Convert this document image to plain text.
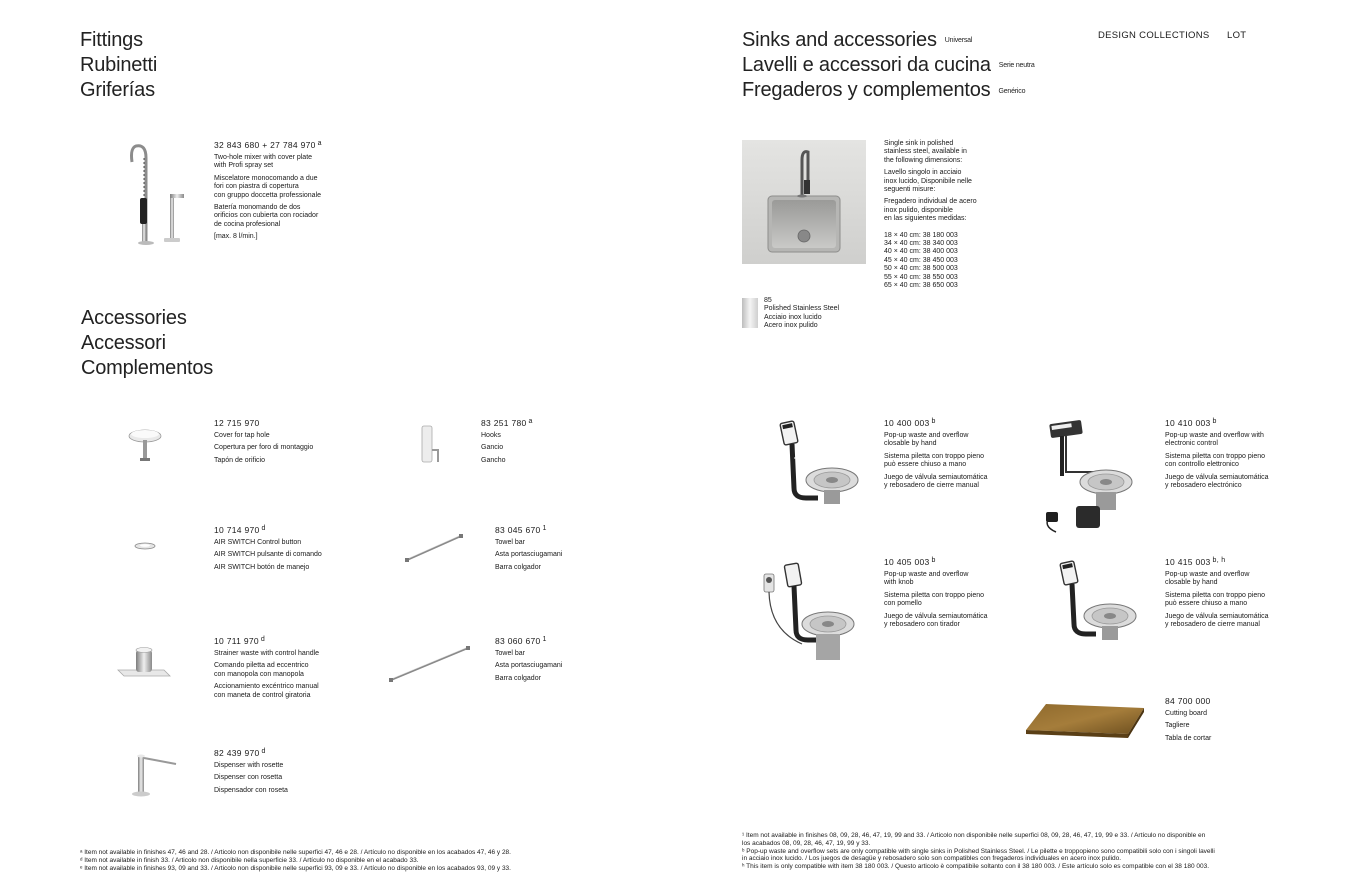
DESIGN COLLECTIONS LOT
Fittings
Rubinetti
Griferías
32 843 680 + 27 784 970 $^a$
Two-hole mixer with cover plate
with Profi spray set
Miscelatore monocomando a due
fori con piastra di copertura
con gruppo doccetta professionale
Batería monomando de dos
orificios con cubierta con rociador
de cocina profesional
[max. 8 l/min.]
Accessories
Accessori
Complementos
12 715 970
Cover for tap hole
Copertura per foro di montaggio
Tapón de orificio
83 251 780 $^a$
Hooks
Gancio
Gancho
10 714 970 $^d$
AIR SWITCH Control button
AIR SWITCH pulsante di comando
AIR SWITCH botón de manejo
83 045 670 $^1$
Towel bar
Asta portasciugamani
Barra colgador
10 711 970 $^d$
Strainer waste with control handle
Comando piletta ad eccentrico
con manopola con manopola
Accionamiento excéntrico manual
con maneta de control giratoria
83 060 670 $^1$
Towel bar
Asta portasciugamani
Barra colgador
82 439 970 $^d$
Dispenser with rosette
Dispenser con rosetta
Dispensador con roseta
ᵃ Item not available in finishes 47, 46 and 28. / Articolo non disponibile nelle superfici 47, 46 e 28. / Artículo no disponible en los acabados 47, 46 y 28.
ᵈ Item not available in finish 33. / Articolo non disponibile nella superficie 33. / Artículo no disponible en el acabado 33.
ᵉ Item not available in finishes 93, 09 and 33. / Articolo non disponibile nelle superfici 93, 09 e 33. / Artículo no disponible en los acabados 93, 09 y 33.
Sinks and accessories Universal
Lavelli e accessori da cucina Serie neutra
Fregaderos y complementos Genérico
Single sink in polished
stainless steel, available in
the following dimensions:
Lavello singolo in acciaio
inox lucido, Disponibile nelle
seguenti misure:
Fregadero individual de acero
inox pulido, disponible
en las siguientes medidas:
18 × 40 cm: 38 180 003
34 × 40 cm: 38 340 003
40 × 40 cm: 38 400 003
45 × 40 cm: 38 450 003
50 × 40 cm: 38 500 003
55 × 40 cm: 38 550 003
65 × 40 cm: 38 650 003
85
Polished Stainless Steel
Acciaio inox lucido
Acero inox pulido
10 400 003 $^b$
Pop-up waste and overflow
closable by hand
Sistema piletta con troppo pieno
può essere chiuso a mano
Juego de válvula semiautomática
y rebosadero de cierre manual
10 410 003 $^b$
Pop-up waste and overflow with
electronic control
Sistema piletta con troppo pieno
con controllo elettronico
Juego de válvula semiautomática
y rebosadero electrónico
10 405 003 $^b$
Pop-up waste and overflow
with knob
Sistema piletta con troppo pieno
con pomello
Juego de válvula semiautomática
y rebosadero con tirador
10 415 003 $^{b, h}$
Pop-up waste and overflow
closable by hand
Sistema piletta con troppo pieno
può essere chiuso a mano
Juego de válvula semiautomática
y rebosadero de cierre manual
84 700 000
Cutting board
Tagliere
Tabla de cortar
¹ Item not available in finishes 08, 09, 28, 46, 47, 19, 99 and 33. / Articolo non disponibile nelle superfici 08, 09, 28, 46, 47, 19, 99 e 33. / Artículo no disponible en
los acabados 08, 09, 28, 46, 47, 19, 99 y 33.
ᵇ Pop-up waste and overflow sets are only compatible with single sinks in Polished Stainless Steel. / Le pilette e troppopieno sono compatibili solo con i singoli lavelli
in acciaio inox lucido. / Los juegos de desagüe y rebosadero solo son compatibles con fregaderos individuales en acero inox pulido.
ʰ This item is only compatible with item 38 180 003. / Questo articolo è compatibile soltanto con il 38 180 003. / Este artículo solo es compatible con el 38 180 003.
